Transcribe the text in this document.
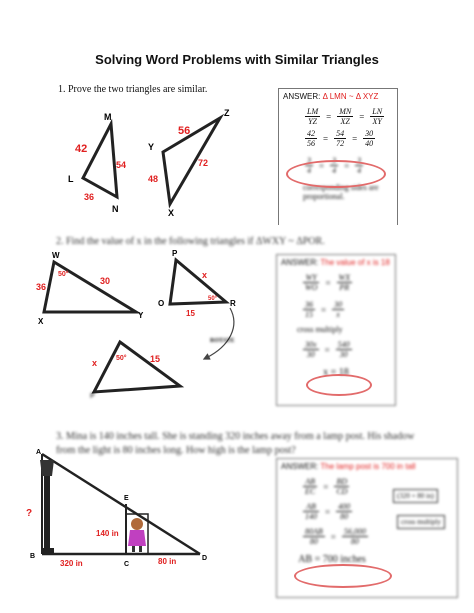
Solving Word Problems with Similar Triangles
1. Prove the two triangles are similar.
M
L
N
42
54
36
Z
Y
X
56
72
48
ANSWER: Δ LMN ~ Δ XYZ
$\frac{LM}{YZ} = \frac{MN}{XZ} = \frac{LN}{XY}$
$\frac{42}{56} = \frac{54}{72} = \frac{30}{40}$
$\frac{3}{4} = \frac{3}{4} = \frac{3}{4}$
corresponding sides are proportional.
2. Find the value of x in the following triangles if ΔWXY ~ ΔPOR.
W
X
Y
36
30
50°
P
O	R
x
15
50°
ROTATE
x	15
50°
P
ANSWER: The value of x is 18
$\frac{WY}{WO} = \frac{WX}{PR}$
$\frac{36}{15} = \frac{30}{x}$
cross multiply
$\frac{30x}{30} = \frac{540}{30}$
x = 18
3. Mina is 140 inches tall. She is standing 320 inches away from a lamp post. His shadow from the light is 80 inches long. How high is the lamp post?
A
B
C
D
E
?
140 in
320 in	80 in
ANSWER: The lamp post is 700 in tall
$\frac{AB}{EC} = \frac{BD}{CD}$
$\frac{AB}{140} = \frac{400}{80}$
$\frac{80AB}{80} = \frac{56,000}{80}$
AB = 700 inches
(320 + 80 in)
cross multiply
